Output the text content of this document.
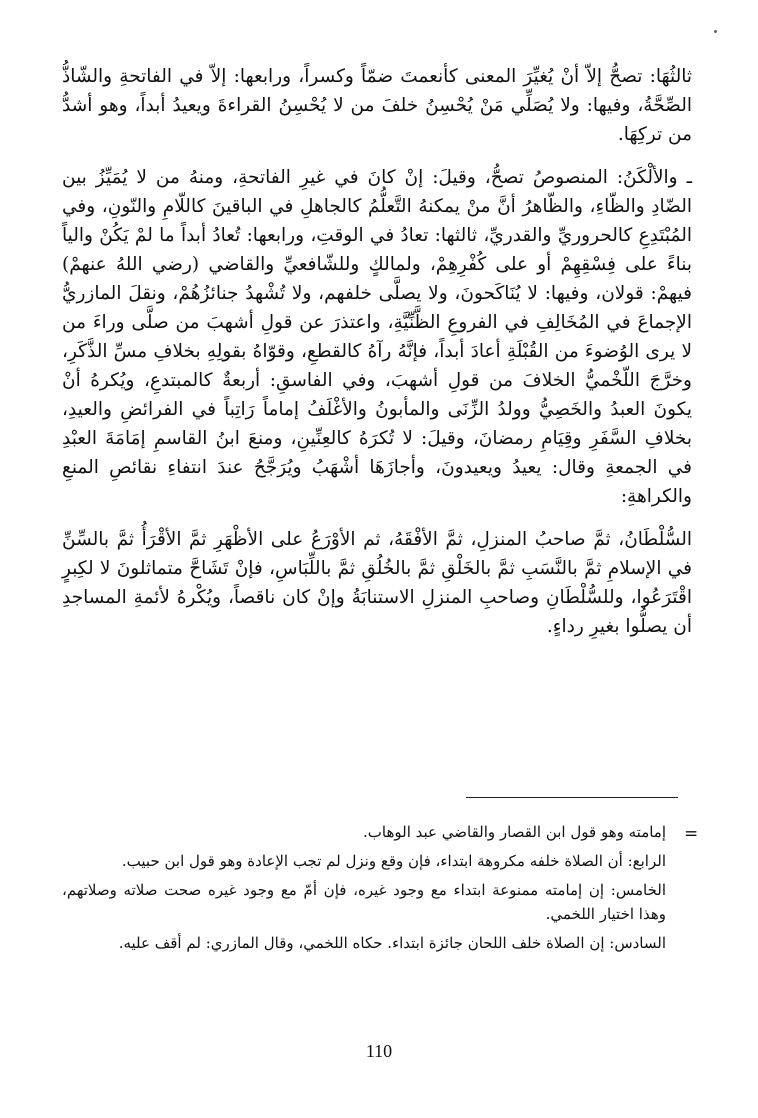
ثالثُهَا: تصحُّ إلاّ أنْ يُغيِّرَ المعنى كأنعمتَ ضمّاً وكسراً، ورابعها: إلاّ في الفاتحةِ والشّاذُّ الصِّحَّةُ، وفيها: ولا يُصَلِّي مَنْ يُحْسِنُ خلفَ من لا يُحْسِنُ القراءةَ ويعيدُ أبداً، وهو أشدُّ من تركِهَا.

ـ والألْكَنُ: المنصوصُ تصحُّ، وقيلَ: إنْ كانَ في غيرِ الفاتحةِ، ومنهُ من لا يُمَيِّزُ بين الضّادِ والظّاءِ، والظّاهرُ أنَّ منْ يمكنهُ التَّعلُّمُ كالجاهلِ في الباقينَ كاللّامِ والنّونِ، وفي المُبْتَدِعِ كالحروريِّ والقدريِّ، ثالثها: تعادُ في الوقتِ، ورابعها: تُعادُ أبداً ما لمْ يَكُنْ والياً بناءً على فِسْقِهِمْ أو على كُفْرِهِمْ، ولمالكٍ وللشّافعيِّ والقاضي (رضي اللهُ عنهمْ) فيهمْ: قولان، وفيها: لا يُنَاكَحونَ، ولا يصلَّى خلفهم، ولا تُشْهدُ جنائزُهُمْ، ونقلَ المازريُّ الإجماعَ في المُخَالِفِ في الفروعِ الظَّنِّيَّةِ، واعتذرَ عن قولِ أشهبَ من صلَّى وراءَ من لا يرى الوُضوءَ من القُبْلَةِ أعادَ أبداً، فإنَّهُ رآهُ كالقطعِ، وقوّاهُ بقولِهِ بخلافِ مسِّ الذَّكَرِ، وخرَّجَ اللّخْميُّ الخلافَ من قولِ أشهبَ، وفي الفاسقِ: أربعةٌ كالمبتدعِ، ويُكرهُ أنْ يكونَ العبدُ والخَصِيُّ وولدُ الزِّنَى والمأبونُ والأغْلَفُ إماماً رَاتِباً في الفرائضِ والعيدِ، بخلافِ السَّفَرِ وقِيَامِ رمضانَ، وقيلَ: لا تُكرَهُ كالعِنِّينِ، ومنعَ ابنُ القاسمِ إمَامَةَ العبْدِ في الجمعةِ وقال: يعيدُ ويعيدونَ، وأجازَهَا أشْهَبُ ويُرَجَّحُ عندَ انتفاءِ نقائصِ المنعِ والكراهةِ:

السُّلْطَانُ، ثمَّ صاحبُ المنزلِ، ثمَّ الأفْقَهُ، ثم الأوْرَعُ على الأظْهَرِ ثمَّ الأقْرَأُ ثمَّ بالسِّنِّ في الإسلامِ ثمَّ بالنَّسَبِ ثمَّ بالخَلْقِ ثمَّ بالخُلُقِ ثمَّ باللِّبَاسِ، فإنْ تَشَاحَّ متماثلونَ لا لكِبرٍ اقْتَرَعُوا، وللسُّلْطَانِ وصاحبِ المنزلِ الاستنابَةُ وإنْ كان ناقصاً، ويُكْرهُ لأئمةِ المساجدِ أن يصلُّوا بغيرِ رداءٍ.

=

إمامته وهو قول ابن القصار والقاضي عبد الوهاب.

الرابع: أن الصلاة خلفه مكروهة ابتداء، فإن وقع ونزل لم تجب الإعادة وهو قول ابن حبيب.

الخامس: إن إمامته ممنوعة ابتداء مع وجود غيره، فإن أمّ مع وجود غيره صحت صلاته وصلاتهم، وهذا اختيار اللخمي.

السادس: إن الصلاة خلف اللحان جائزة ابتداء. حكاه اللخمي، وقال المازري: لم أقف عليه.

110
